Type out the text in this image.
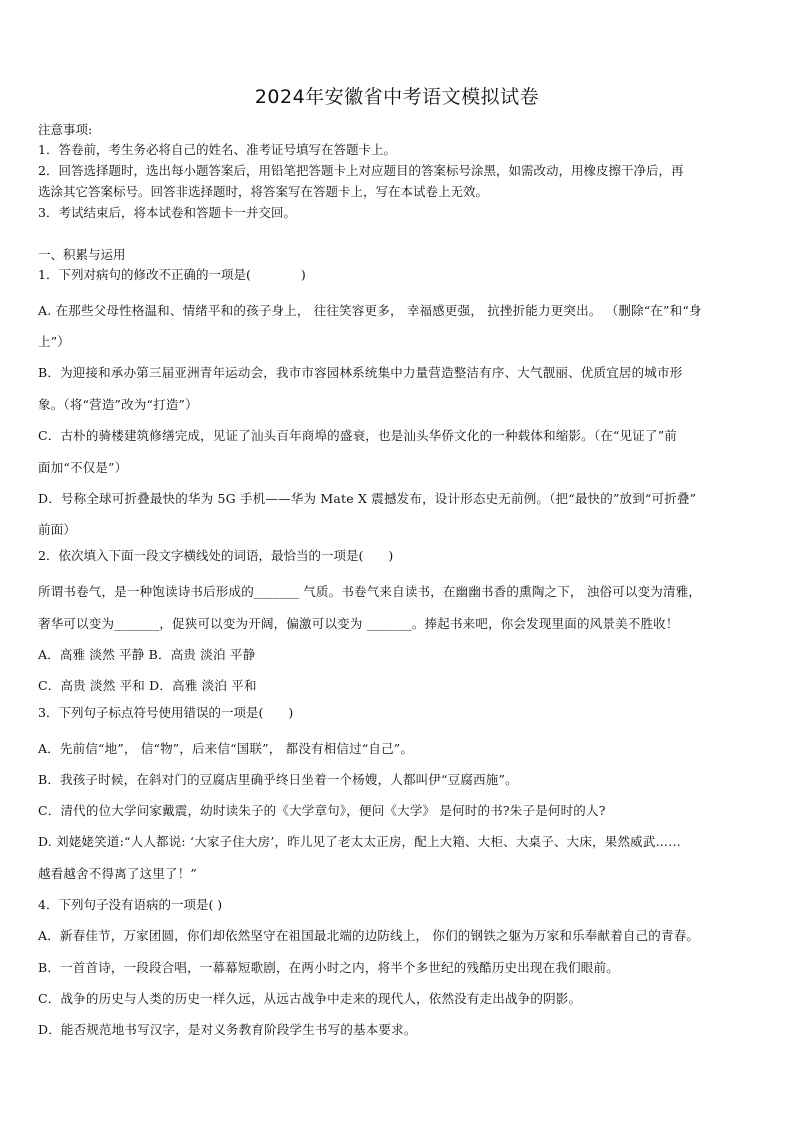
2024年安徽省中考语文模拟试卷
注意事项:
1．答卷前，考生务必将自己的姓名、准考证号填写在答题卡上。
2．回答选择题时，选出每小题答案后，用铅笔把答题卡上对应题目的答案标号涂黑，如需改动，用橡皮擦干净后，再
选涂其它答案标号。回答非选择题时，将答案写在答题卡上，写在本试卷上无效。
3．考试结束后，将本试卷和答题卡一并交回。
一、积累与运用
1．下列对病句的修改不正确的一项是(　　　　)
A. 在那些父母性格温和、情绪平和的孩子身上， 往往笑容更多， 幸福感更强， 抗挫折能力更突出。 （删除“在”和“身
上”）
B．为迎接和承办第三届亚洲青年运动会，我市市容园林系统集中力量营造整洁有序、大气靓丽、优质宜居的城市形
象。（将“营造”改为“打造”）
C．古朴的骑楼建筑修缮完成，见证了汕头百年商埠的盛衰，也是汕头华侨文化的一种载体和缩影。（在“见证了”前
面加“不仅是”）
D．号称全球可折叠最快的华为 5G 手机——华为 Mate X 震撼发布，设计形态史无前例。（把“最快的”放到“可折叠”
前面）
2．依次填入下面一段文字横线处的词语，最恰当的一项是(　　)
所谓书卷气，是一种饱读诗书后形成的_______ 气质。书卷气来自读书，在幽幽书香的熏陶之下， 浊俗可以变为清雅，
奢华可以变为_______，促狭可以变为开阔，偏激可以变为 _______。捧起书来吧，你会发现里面的风景美不胜收！
A．高雅 淡然 平静 B．高贵 淡泊 平静
C．高贵 淡然 平和 D．高雅 淡泊 平和
3．下列句子标点符号使用错误的一项是(　　)
A．先前信“地”， 信“物”，后来信“国联”， 都没有相信过“自己”。
B．我孩子时候，在斜对门的豆腐店里确乎终日坐着一个杨嫂，人都叫伊“豆腐西施”。
C．清代的位大学问家戴震，幼时读朱子的《大学章句》，便问《大学》 是何时的书?朱子是何时的人?
D. 刘姥姥笑道:“人人都说: ‘大家子住大房’，昨儿见了老太太正房，配上大箱、大柜、大桌子、大床，果然威武……
越看越舍不得离了这里了！”
4．下列句子没有语病的一项是( )
A．新春佳节，万家团圆，你们却依然坚守在祖国最北端的边防线上， 你们的钢铁之躯为万家和乐奉献着自己的青春。
B．一首首诗，一段段合唱，一幕幕短歌剧，在两小时之内，将半个多世纪的残酷历史出现在我们眼前。
C．战争的历史与人类的历史一样久远，从远古战争中走来的现代人，依然没有走出战争的阴影。
D．能否规范地书写汉字，是对义务教育阶段学生书写的基本要求。
